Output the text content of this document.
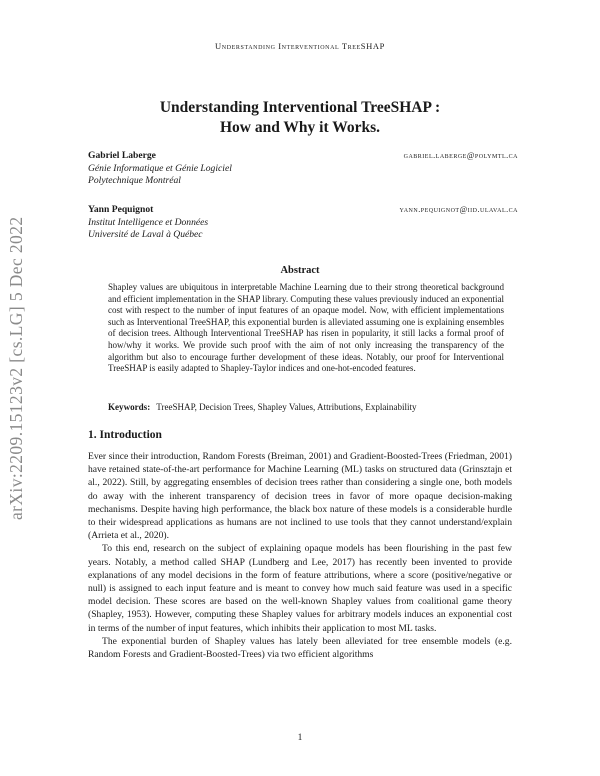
Understanding Interventional TreeSHAP
arXiv:2209.15123v2 [cs.LG] 5 Dec 2022
Understanding Interventional TreeSHAP :
How and Why it Works.
Gabriel Laberge	gabriel.laberge@polymtl.ca
Génie Informatique et Génie Logiciel
Polytechnique Montréal
Yann Pequignot	yann.pequignot@iid.ulaval.ca
Institut Intelligence et Données
Université de Laval à Québec
Abstract
Shapley values are ubiquitous in interpretable Machine Learning due to their strong theoretical background and efficient implementation in the SHAP library. Computing these values previously induced an exponential cost with respect to the number of input features of an opaque model. Now, with efficient implementations such as Interventional TreeSHAP, this exponential burden is alleviated assuming one is explaining ensembles of decision trees. Although Interventional TreeSHAP has risen in popularity, it still lacks a formal proof of how/why it works. We provide such proof with the aim of not only increasing the transparency of the algorithm but also to encourage further development of these ideas. Notably, our proof for Interventional TreeSHAP is easily adapted to Shapley-Taylor indices and one-hot-encoded features.
Keywords: TreeSHAP, Decision Trees, Shapley Values, Attributions, Explainability
1. Introduction

Ever since their introduction, Random Forests (Breiman, 2001) and Gradient-Boosted-Trees (Friedman, 2001) have retained state-of-the-art performance for Machine Learning (ML) tasks on structured data (Grinsztajn et al., 2022). Still, by aggregating ensembles of decision trees rather than considering a single one, both models do away with the inherent transparency of decision trees in favor of more opaque decision-making mechanisms. Despite having high performance, the black box nature of these models is a considerable hurdle to their widespread applications as humans are not inclined to use tools that they cannot understand/explain (Arrieta et al., 2020).

To this end, research on the subject of explaining opaque models has been flourishing in the past few years. Notably, a method called SHAP (Lundberg and Lee, 2017) has recently been invented to provide explanations of any model decisions in the form of feature attributions, where a score (positive/negative or null) is assigned to each input feature and is meant to convey how much said feature was used in a specific model decision. These scores are based on the well-known Shapley values from coalitional game theory (Shapley, 1953). However, computing these Shapley values for arbitrary models induces an exponential cost in terms of the number of input features, which inhibits their application to most ML tasks.

The exponential burden of Shapley values has lately been alleviated for tree ensemble models (e.g. Random Forests and Gradient-Boosted-Trees) via two efficient algorithms

1
